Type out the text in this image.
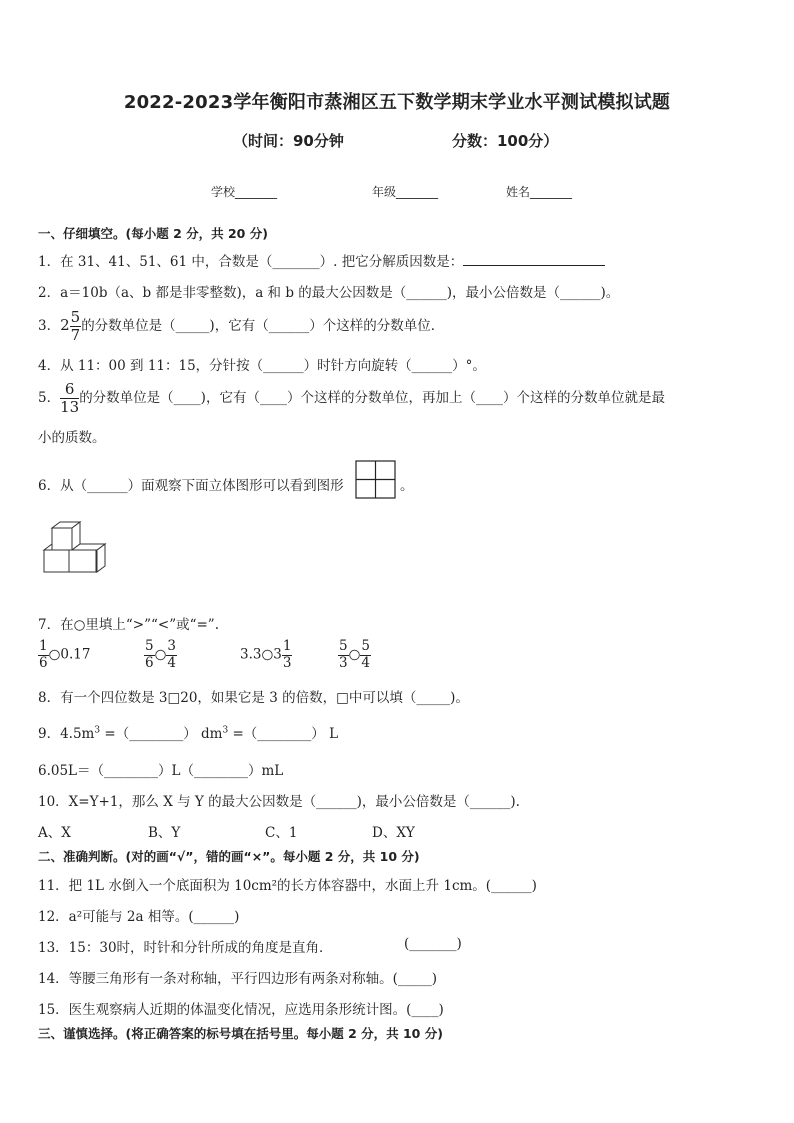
2022-2023学年衡阳市蒸湘区五下数学期末学业水平测试模拟试题
（时间：90分钟	分数：100分）
学校_______	年级_______	姓名_______
一、仔细填空。(每小题 2 分，共 20 分)
1．在 31、41、51、61 中，合数是（_______）. 把它分解质因数是：
2．a＝10b（a、b 都是非零整数)，a 和 b 的最大公因数是（______)，最小公倍数是（______)。
3．$2 \frac{5}{7}$ 的分数单位是（_____)，它有（______）个这样的分数单位．
4．从 11：00 到 11：15，分针按（______）时针方向旋转（______）°。
5． $\frac{6}{13}$ 的分数单位是（____)，它有（____）个这样的分数单位，再加上（____）个这样的分数单位就是最
小的质数。
6．从（______）面观察下面立体图形可以看到图形	。
7．在○里填上“>”“<”或“=”.
$\frac{1}{6}$ ○0.17	$\frac{5}{6}$ ○ $\frac{3}{4}$	3.3○3 $\frac{1}{3}$	$\frac{5}{3}$ ○ $\frac{5}{4}$
8．有一个四位数是 3□20，如果它是 3 的倍数，□中可以填（_____)。
9．$4.5m^3$ =（________） $dm^3$ =（________） L
6.05L＝（________）L（________）mL
10．X=Y+1，那么 X 与 Y 的最大公因数是（______)，最小公倍数是（______).
A、X	B、Y	C、1	D、XY
二、准确判断。(对的画“√”，错的画“×”。每小题 2 分，共 10 分)
11．把 1L 水倒入一个底面积为 10cm²的长方体容器中，水面上升 1cm。(______)
12．a²可能与 2a 相等。(______)
13．15：30时，时针和分针所成的角度是直角．	(_______)
14．等腰三角形有一条对称轴，平行四边形有两条对称轴。(_____)
15．医生观察病人近期的体温变化情况，应选用条形统计图。(____)
三、谨慎选择。(将正确答案的标号填在括号里。每小题 2 分，共 10 分)
